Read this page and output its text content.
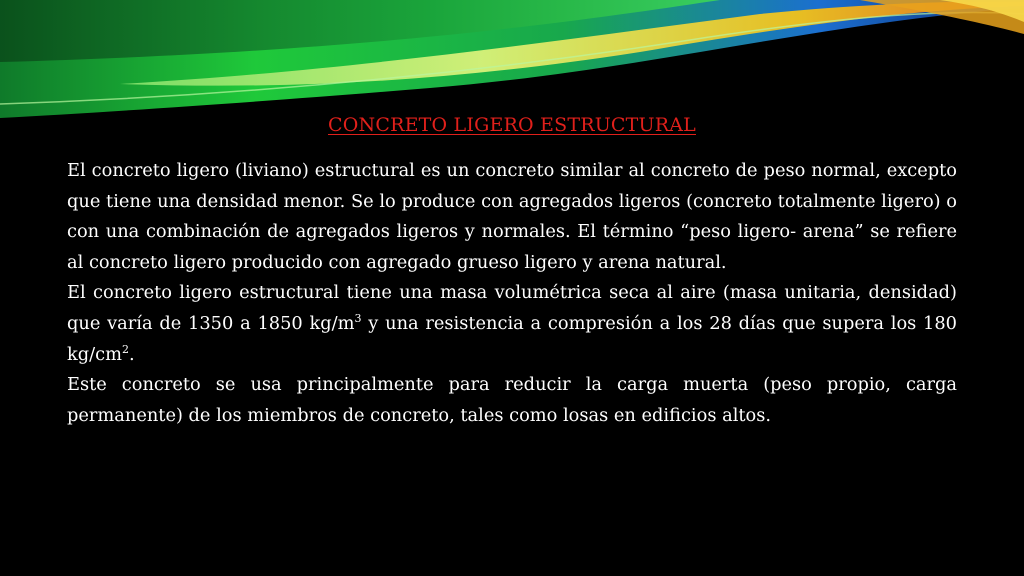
CONCRETO LIGERO ESTRUCTURAL

El concreto ligero (liviano) estructural es un concreto similar al concreto de peso normal, excepto que tiene una densidad menor. Se lo produce con agregados ligeros (concreto totalmente ligero) o con una combinación de agregados ligeros y normales. El término “peso ligero- arena” se refiere al concreto ligero producido con agregado grueso ligero y arena natural.

El concreto ligero estructural tiene una masa volumétrica seca al aire (masa unitaria, densidad) que varía de 1350 a 1850 $kg/m^3$ y una resistencia a compresión a los 28 días que supera los 180 $kg/cm^2$.

Este concreto se usa principalmente para reducir la carga muerta (peso propio, carga permanente) de los miembros de concreto, tales como losas en edificios altos.
